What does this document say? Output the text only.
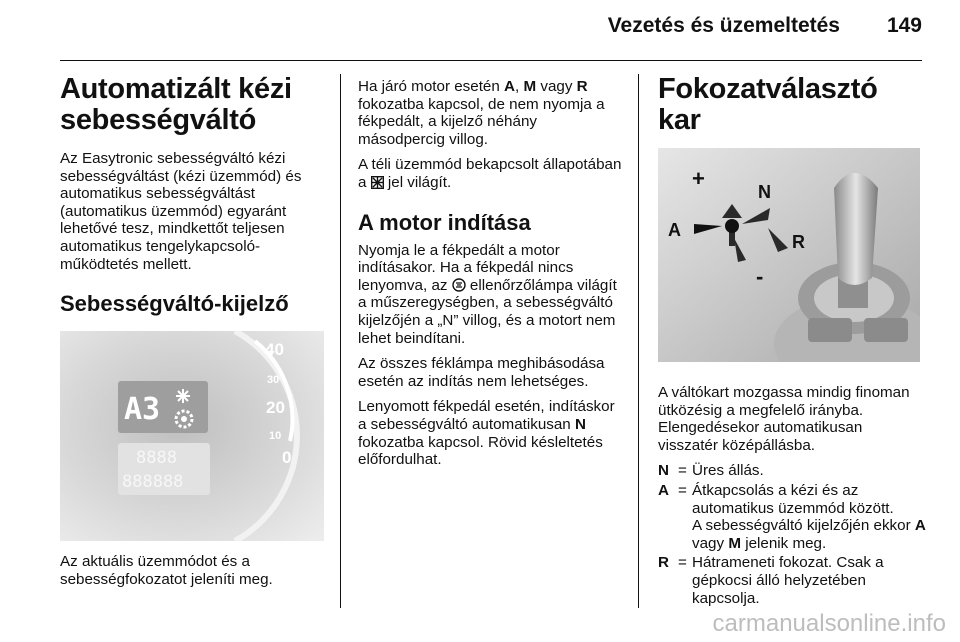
Vezetés és üzemeltetés 149
Automatizált kézi sebességváltó

Az Easytronic sebességváltó kézi sebességváltást (kézi üzemmód) és automatikus sebességváltást (automatikus üzemmód) egyaránt lehetővé tesz, mindkettőt teljesen automatikus tengelykapcsoló-működtetés mellett.

Sebességváltó-kijelző
A3
8888
888888
40
30
20
10
0

Az aktuális üzemmódot és a sebességfokozatot jeleníti meg.

Ha járó motor esetén A, M vagy R fokozatba kapcsol, de nem nyomja a fékpedált, a kijelző néhány másodpercig villog.

A téli üzemmód bekapcsolt állapotában a  jel világít.

A motor indítása

Nyomja le a fékpedált a motor indításakor. Ha a fékpedál nincs lenyomva, az  ellenőrzőlámpa világít a műszeregységben, a sebességváltó kijelzőjén a „N” villog, és a motort nem lehet beindítani.

Az összes féklámpa meghibásodása esetén az indítás nem lehetséges.

Lenyomott fékpedál esetén, indításkor a sebességváltó automatikusan N fokozatba kapcsol. Rövid késleltetés előfordulhat.

Fokozatválasztó kar
+
N
A
-
R

A váltókart mozgassa mindig finoman ütközésig a megfelelő irányba. Elengedésekor automatikusan visszatér középállásba.

N = Üres állás.
A = Átkapcsolás a kézi és az automatikus üzemmód között.
A sebességváltó kijelzőjén ekkor A vagy M jelenik meg.
R = Hátrameneti fokozat. Csak a gépkocsi álló helyzetében kapcsolja.
carmanualsonline.info
